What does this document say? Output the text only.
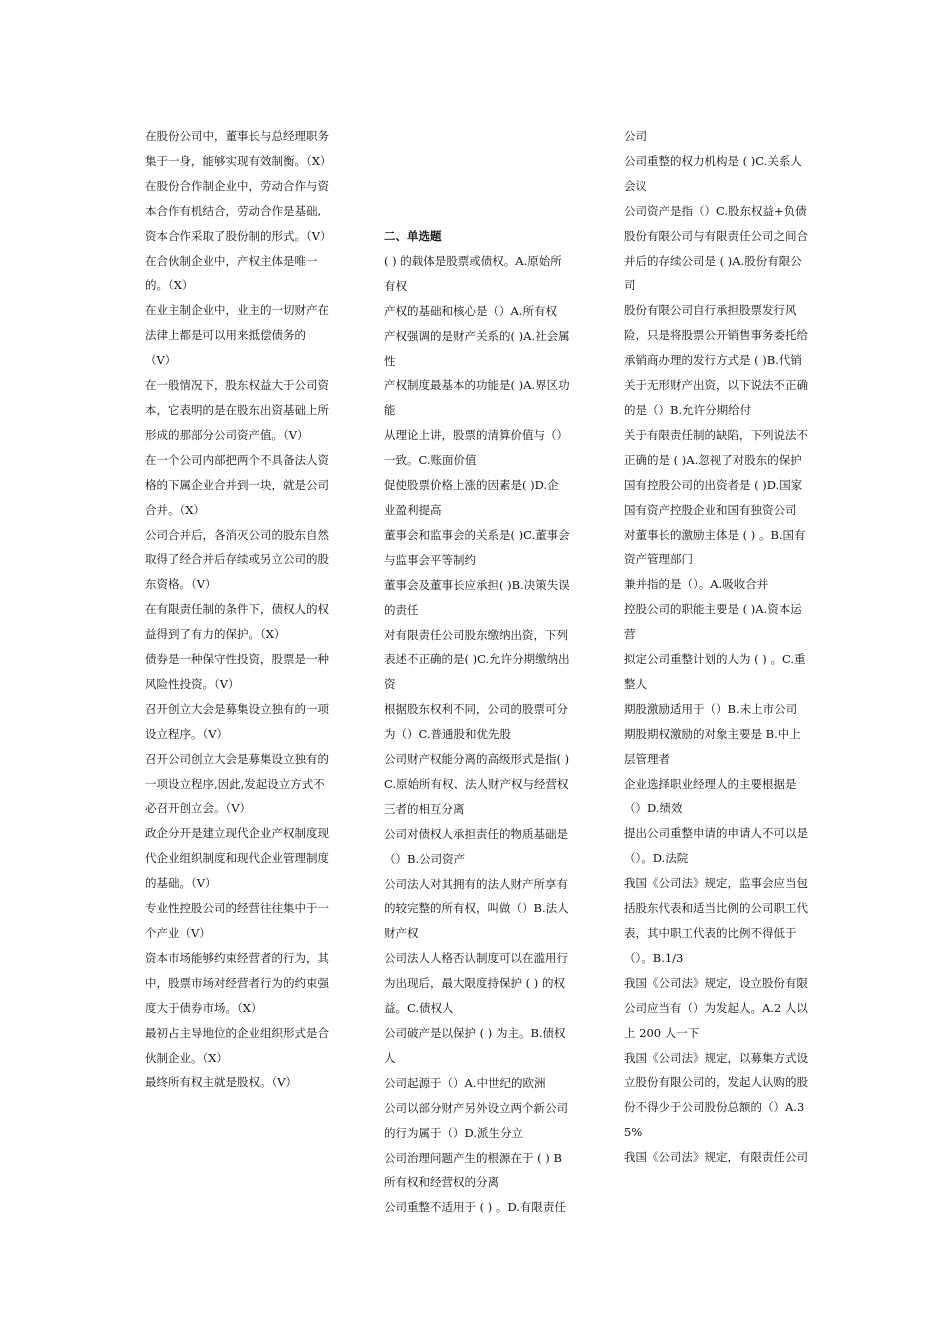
在股份公司中，董事长与总经理职务集于一身，能够实现有效制衡。（X）

在股份合作制企业中，劳动合作与资本合作有机结合，劳动合作是基础,资本合作采取了股份制的形式。（V）

在合伙制企业中，产权主体是唯一的。（X）

在业主制企业中，业主的一切财产在法律上都是可以用来抵偿债务的（V）

在一般情况下，股东权益大于公司资本，它表明的是在股东出资基础上所形成的那部分公司资产值。（V）

在一个公司内部把两个不具备法人资格的下属企业合并到一块，就是公司合并。（X）

公司合并后，各消灭公司的股东自然取得了经合并后存续或另立公司的股东资格。（V）

在有限责任制的条件下，债权人的权益得到了有力的保护。（X）

债券是一种保守性投资，股票是一种风险性投资。（V）

召开创立大会是募集设立独有的一项设立程序。（V）

召开公司创立大会是募集设立独有的一项设立程序,因此,发起设立方式不必召开创立会。（V）

政企分开是建立现代企业产权制度现代企业组织制度和现代企业管理制度的基础。（V）

专业性控股公司的经营往往集中于一个产业（V）

资本市场能够约束经营者的行为，其中，股票市场对经营者行为的约束强度大于债券市场。（X）

最初占主导地位的企业组织形式是合伙制企业。（X）

最终所有权主就是股权。（V）

二、单选题

( ) 的载体是股票或债权。A.原始所有权

产权的基础和核心是（）A.所有权

产权强调的是财产关系的( )A.社会属性

产权制度最基本的功能是( )A.界区功能

从理论上讲，股票的清算价值与（）一致。C.账面价值

促使股票价格上涨的因素是( )D.企业盈利提高

董事会和监事会的关系是( )C.董事会与监事会平等制约

董事会及董事长应承担( )B.决策失误的责任

对有限责任公司股东缴纳出资，下列表述不正确的是( )C.允许分期缴纳出资

根据股东权利不同，公司的股票可分为（）C.普通股和优先股

公司财产权能分离的高级形式是指( )C.原始所有权、法人财产权与经营权三者的相互分离

公司对债权人承担责任的物质基础是（）B.公司资产

公司法人对其拥有的法人财产所享有的较完整的所有权，叫做（）B.法人财产权

公司法人人格否认制度可以在滥用行为出现后，最大限度持保护 ( ) 的权益。C.债权人

公司破产是以保护 ( ) 为主。B.债权人

公司起源于（）A.中世纪的欧洲

公司以部分财产另外设立两个新公司的行为属于（）D.派生分立

公司治理问题产生的根源在于 ( ) B所有权和经营权的分离

公司重整不适用于 ( ) 。D.有限责任

公司

公司重整的权力机构是 ( )C.关系人会议

公司资产是指（）C.股东权益+负债

股份有限公司与有限责任公司之间合并后的存续公司是 ( )A.股份有限公司

股份有限公司自行承担股票发行风险，只是将股票公开销售事务委托给承销商办理的发行方式是 ( )B.代销

关于无形财产出资，以下说法不正确的是（）B.允许分期给付

关于有限责任制的缺陷，下列说法不正确的是 ( )A.忽视了对股东的保护

国有控股公司的出资者是 ( )D.国家国有资产控股企业和国有独资公司

对董事长的激励主体是 ( ) 。B.国有资产管理部门

兼并指的是（）。A.吸收合并

控股公司的职能主要是 ( )A.资本运营

拟定公司重整计划的人为 ( ) 。C.重整人

期股激励适用于（）B.未上市公司

期股期权激励的对象主要是 B.中上层管理者

企业选择职业经理人的主要根据是（）D.绩效

提出公司重整申请的申请人不可以是（）。D.法院

我国《公司法》规定，监事会应当包括股东代表和适当比例的公司职工代表，其中职工代表的比例不得低于（）。B.1/3

我国《公司法》规定，设立股份有限公司应当有（）为发起人。A.2 人以上 200 人一下

我国《公司法》规定，以募集方式设立股份有限公司的，发起人认购的股份不得少于公司股份总额的（）A.35%

我国《公司法》规定，有限责任公司
